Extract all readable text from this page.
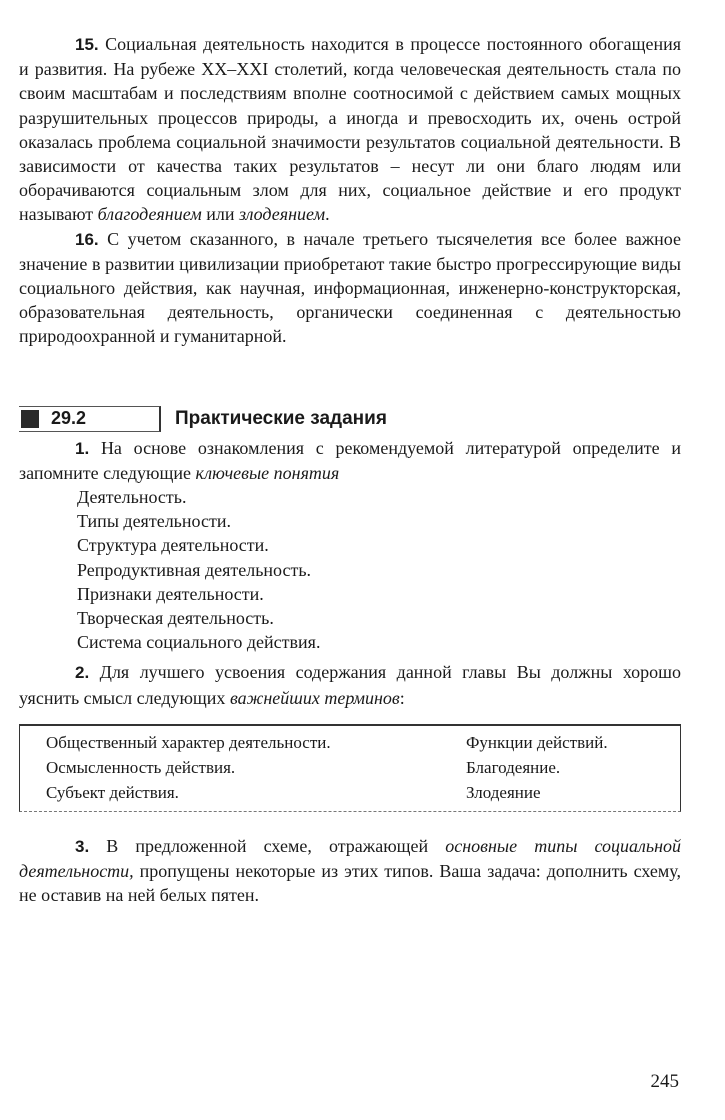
15. Социальная деятельность находится в процессе постоянного обогащения и развития. На рубеже XX–XXI столетий, когда человеческая деятельность стала по своим масштабам и последствиям вполне соотносимой с действием самых мощных разрушительных процессов природы, а иногда и превосходить их, очень острой оказалась проблема социальной значимости результатов социальной деятельности. В зависимости от качества таких результатов – несут ли они благо людям или оборачиваются социальным злом для них, социальное действие и его продукт называют благодеянием или злодеянием.

16. С учетом сказанного, в начале третьего тысячелетия все более важное значение в развитии цивилизации приобретают такие быстро прогрессирующие виды социального действия, как научная, информационная, инженерно-конструкторская, образовательная деятельность, органически соединенная с деятельностью природоохранной и гуманитарной.

29.2	Практические задания

1. На основе ознакомления с рекомендуемой литературой определите и запомните следующие ключевые понятия

Деятельность.
Типы деятельности.
Структура деятельности.
Репродуктивная деятельность.
Признаки деятельности.
Творческая деятельность.
Система социального действия.

2. Для лучшего усвоения содержания данной главы Вы должны хорошо уяснить смысл следующих важнейших терминов:

Общественный характер деятельности.	Функции действий.
Осмысленность действия.	Благодеяние.
Субъект действия.	Злодеяние

3. В предложенной схеме, отражающей основные типы социальной деятельности, пропущены некоторые из этих типов. Ваша задача: дополнить схему, не оставив на ней белых пятен.

245
